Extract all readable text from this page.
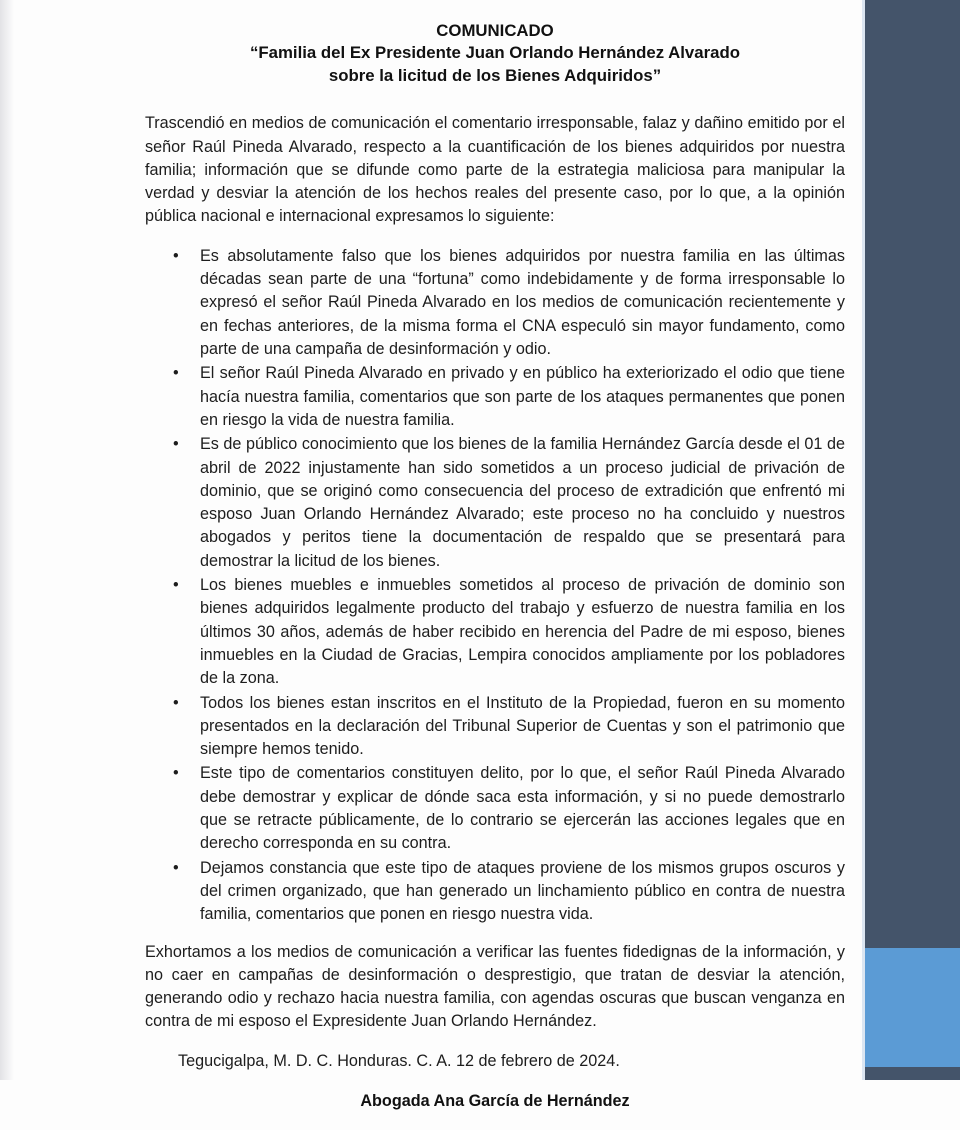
COMUNICADO
“Familia del Ex Presidente Juan Orlando Hernández Alvarado
sobre la licitud de los Bienes Adquiridos”

Trascendió en medios de comunicación el comentario irresponsable, falaz y dañino emitido por el señor Raúl Pineda Alvarado, respecto a la cuantificación de los bienes adquiridos por nuestra familia; información que se difunde como parte de la estrategia maliciosa para manipular la verdad y desviar la atención de los hechos reales del presente caso, por lo que, a la opinión pública nacional e internacional expresamos lo siguiente:

• Es absolutamente falso que los bienes adquiridos por nuestra familia en las últimas décadas sean parte de una “fortuna” como indebidamente y de forma irresponsable lo expresó el señor Raúl Pineda Alvarado en los medios de comunicación recientemente y en fechas anteriores, de la misma forma el CNA especuló sin mayor fundamento, como parte de una campaña de desinformación y odio.
• El señor Raúl Pineda Alvarado en privado y en público ha exteriorizado el odio que tiene hacía nuestra familia, comentarios que son parte de los ataques permanentes que ponen en riesgo la vida de nuestra familia.
• Es de público conocimiento que los bienes de la familia Hernández García desde el 01 de abril de 2022 injustamente han sido sometidos a un proceso judicial de privación de dominio, que se originó como consecuencia del proceso de extradición que enfrentó mi esposo Juan Orlando Hernández Alvarado; este proceso no ha concluido y nuestros abogados y peritos tiene la documentación de respaldo que se presentará para demostrar la licitud de los bienes.
• Los bienes muebles e inmuebles sometidos al proceso de privación de dominio son bienes adquiridos legalmente producto del trabajo y esfuerzo de nuestra familia en los últimos 30 años, además de haber recibido en herencia del Padre de mi esposo, bienes inmuebles en la Ciudad de Gracias, Lempira conocidos ampliamente por los pobladores de la zona.
• Todos los bienes estan inscritos en el Instituto de la Propiedad, fueron en su momento presentados en la declaración del Tribunal Superior de Cuentas y son el patrimonio que siempre hemos tenido.
• Este tipo de comentarios constituyen delito, por lo que, el señor Raúl Pineda Alvarado debe demostrar y explicar de dónde saca esta información, y si no puede demostrarlo que se retracte públicamente, de lo contrario se ejercerán las acciones legales que en derecho corresponda en su contra.
• Dejamos constancia que este tipo de ataques proviene de los mismos grupos oscuros y del crimen organizado, que han generado un linchamiento público en contra de nuestra familia, comentarios que ponen en riesgo nuestra vida.

Exhortamos a los medios de comunicación a verificar las fuentes fidedignas de la información, y no caer en campañas de desinformación o desprestigio, que tratan de desviar la atención, generando odio y rechazo hacia nuestra familia, con agendas oscuras que buscan venganza en contra de mi esposo el Expresidente Juan Orlando Hernández.

Tegucigalpa, M. D. C. Honduras. C. A. 12 de febrero de 2024.

Abogada Ana García de Hernández
